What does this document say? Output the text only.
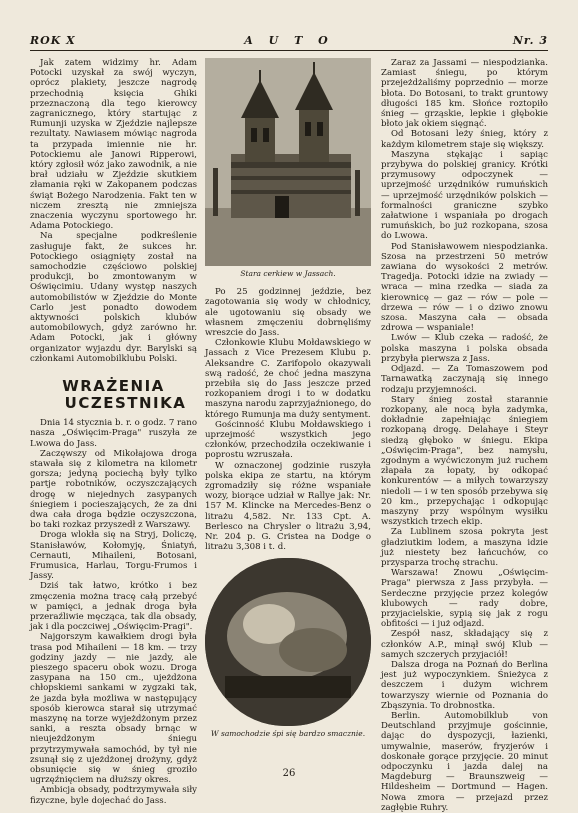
ROK X	A U T O	Nr. 3

Jak zatem widzimy hr. Adam Potocki uzyskał za swój wyczyn, oprócz plakiety, jeszcze nagrodę przechodnią księcia Ghiki przeznaczoną dla tego kierowcy zagranicznego, który startując z Rumunji uzyska w Zjeździe najlepsze rezultaty. Nawiasem mówiąc nagroda ta przypada imiennie nie hr. Potockiemu ale Janowi Ripperowi, który zgłosił wóz jako zawodnik, a nie brał udziału w Zjeździe skutkiem złamania ręki w Zakopanem podczas świąt Bożego Narodzenia. Fakt ten w niczem zresztą nie zmniejsza znaczenia wyczynu sportowego hr. Adama Potockiego.

Na specjalne podkreślenie zasługuje fakt, że sukces hr. Potockiego osiągnięty został na samochodzie częściowo polskiej produkcji, bo zmontowanym w Oświęcimiu. Udany występ naszych automobilistów w Zjeździe do Monte Carlo jest ponadto dowodem aktywności polskich klubów automobilowych, gdyż zarówno hr. Adam Potocki, jak i główny organizator wyjazdu dyr. Barylski są członkami Automobilklubu Polski.

WRAŻENIA
UCZESTNIKA

Dnia 14 stycznia b. r. o godz. 7 rano nasza „Oświęcim-Praga" ruszyła ze Lwowa do Jass.

Zaczęwszy od Mikołajowa droga stawała się z kilometra na kilometr gorsza; jedyną pociechą były tylko partje robotników, oczyszczających drogę w niejednych zasypanych śniegiem i pocieszających, że za dni dwa cała droga będzie oczyszczona, bo taki rozkaz przyszedł z Warszawy.

Droga wlokła się na Stryj, Doliczę, Stanisławów, Kołomyję, Śniatyń, Cernauti, Mihaileni, Botosani, Frumusica, Harlau, Torgu-Frumos i Jassy.

Dziś tak łatwo, krótko i bez zmęczenia można tracę całą przebyć w pamięci, a jednak droga była przeraźliwie męcząca, tak dla obsady, jak i dla poczciwej „Oświęcim-Pragi".

Najgorszym kawałkiem drogi była trasa pod Mihaileni — 18 km. — trzy godziny jazdy — nie jazdy, ale pieszego spaceru obok wozu. Droga zasypana na 150 cm., ujeżdżona chłopskiemi sankami w zygzaki tak, że jazda była możliwa w następujący sposób kierowca starał się utrzymać maszynę na torze wyjeżdżonym przez sanki, a reszta obsady brnąc w nieujeżdżonym śniegu przytrzymywała samochód, by tył nie zsunął się z ujeżdżonej drożyny, gdyż obsunięcie się w śnieg groziło ugrzęźnięciem na dłuższy okres.

Ambicja obsady, podtrzymywała siły fizyczne, byle dojechać do Jass.

Stara cerkiew w Jassach.

Po 25 godzinnej jeździe, bez zagotowania się wody w chłodnicy, ale ugotowaniu się obsady we własnem zmęczeniu dobrnęliśmy wreszcie do Jass.

Członkowie Klubu Mołdawskiego w Jassach z Vice Prezesem Klubu p. Aleksandre C. Zarifopolo okazywali swą radość, że choć jedna maszyna przebiła się do Jass jeszcze przed rozkopaniem drogi i to w dodatku maszyna narodu zaprzyjaźnionego, do którego Rumunja ma duży sentyment.

Gościnność Klubu Mołdawskiego i uprzejmość wszystkich jego członków, przechodziła oczekiwanie i poprostu wzruszała.

W oznaczonej godzinie ruszyła polska ekipa ze startu, na którym zgromadziły się różne wspaniałe wozy, biorące udział w Rallye jak: Nr. 157 M. Klincke na Mercedes-Benz o litrażu 4,582. Nr. 133 Cpt. A. Berlesco na Chrysler o litrażu 3,94, Nr. 204 p. G. Cristea na Dodge o litrażu 3,308 i t. d.

W samochodzie śpi się bardzo smacznie.

Zaraz za Jassami — niespodzianka. Zamiast śniegu, po którym przejeżdżaliśmy poprzednio — morze błota. Do Botosani, to trakt gruntowy długości 185 km. Słońce roztopiło śnieg — grząskie, lepkie i głębokie błoto jak okiem sięgnąć.

Od Botosani leży śnieg, który z każdym kilometrem staje się większy.

Maszyna stękając i sapiąc przybywa do polskiej granicy. Krótki przymusowy odpoczynek — uprzejmość urzędników rumuńskich — uprzejmość urzędników polskich — formalności graniczne szybko załatwione i wspaniała po drogach rumuńskich, bo już rozkopana, szosa do Lwowa.

Pod Stanisławowem niespodzianka. Szosa na przestrzeni 50 metrów zawiana do wysokości 2 metrów. Tragedja. Potocki idzie na zwiady — wraca — mina rzedka — siada za kierownicę — gaz — rów — pole — drzewa — rów — i o dziwo znowu szosa. Maszyna cała — obsada zdrowa — wspaniale!

Lwów — Klub czeka — radość, że polska maszyna i polska obsada przybyła pierwsza z Jass.

Odjazd. — Za Tomaszowem pod Tarnawatką zaczynają się innego rodzaju przyjemności.

Stary śnieg został starannie rozkopany, ale nocą była zadymka, dokładnie zapełniając śniegiem rozkopaną drogę. Delahaye i Steyr siedzą głęboko w śniegu. Ekipa „Oświęcim-Praga", bez namysłu, zgodnym a wyćwiczonym już ruchem złapała za łopaty, by odkopać konkurentów — a miłych towarzyszy niedoli — i w ten sposób przebywa się 20 km., przepychając i odkopując maszyny przy wspólnym wysiłku wszystkich trzech ekip.

Za Lublinem szosa pokryta jest gładziutkim lodem, a maszyna idzie już niestety bez łańcuchów, co przysparza trochę strachu.

Warszawa! Znowu „Oświęcim-Praga" pierwsza z Jass przybyła. — Serdeczne przyjęcie przez kolegów klubowych — rady dobre, przyjacielskie, sypią się jak z rogu obfitości — i już odjazd.

Zespół nasz, składający się z członków A.P., minął swój Klub — samych szczerych przyjaciół!

Dalsza droga na Poznań do Berlina jest już wypoczynkiem. Śnieżyca z deszczem i dużym wichrem towarzyszy wiernie od Poznania do Zbąszynia. To drobnostka.

Berlin. Automobilklub von Deutschland przyjmuje gościnnie, dając do dyspozycji, łazienki, umywalnie, maserów, fryzjerów i doskonałe gorące przyjęcie. 20 minut odpoczynku i jazda dalej na Magdeburg — Braunszweig — Hildesheim — Dortmund — Hagen. Nowa zmora — przejazd przez zagłębie Ruhry.

26
